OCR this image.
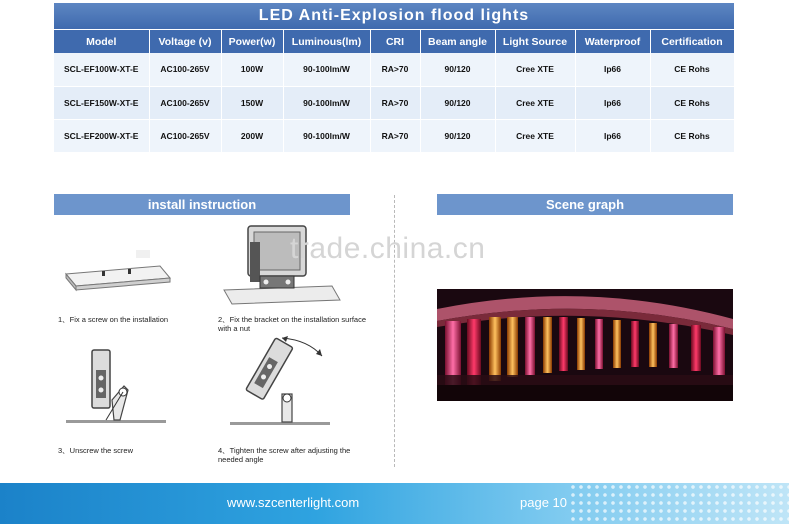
LED Anti-Explosion flood lights
Model	Voltage (v)	Power(w)	Luminous(lm)	CRI	Beam angle	Light Source	Waterproof	Certification
SCL-EF100W-XT-E	AC100-265V	100W	90-100lm/W	RA>70	90/120	Cree XTE	Ip66	CE Rohs
SCL-EF150W-XT-E	AC100-265V	150W	90-100lm/W	RA>70	90/120	Cree XTE	Ip66	CE Rohs
SCL-EF200W-XT-E	AC100-265V	200W	90-100lm/W	RA>70	90/120	Cree XTE	Ip66	CE Rohs
install instruction	Scene graph
1、Fix a screw on the installation	2、Fix the bracket on the installation surface with a nut
3、Unscrew the screw	4、Tighten the screw after adjusting the needed angle
trade.china.cn
www.szcenterlight.com	page 10
